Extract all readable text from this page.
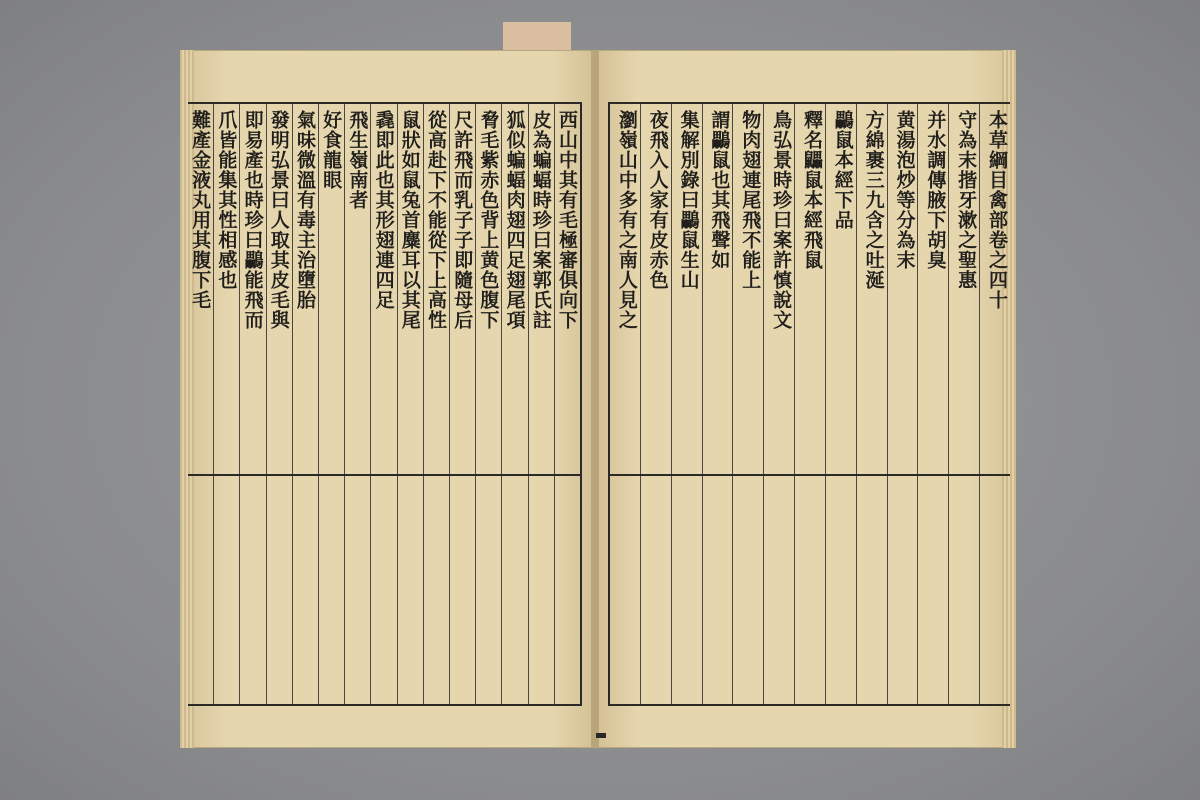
西山中其有毛極審俱向下
皮為蝙蝠時珍曰案郭氏註
狐似蝙蝠肉翅四足翅尾項
脅毛紫赤色背上黄色腹下
尺許飛而乳子子即隨母后
從高赴下不能從下上高性
鼠狀如鼠兔首麋耳以其尾
毳即此也其形翅連四足
飛生嶺南者
好食龍眼
氣味微溫有毒主治墮胎
發明弘景曰人取其皮毛與
即易產也時珍曰鸓能飛而
爪皆能集其性相感也
難產金液丸用其腹下毛	本草綱目禽部卷之四十
守為末揩牙漱之聖惠
并水調傳腋下胡臭
黄湯泡炒等分為末
方綿裹三九含之吐涎
鸓鼠本經下品
釋名鼺鼠本經飛鼠
鳥弘景時珍曰案許慎說文
物肉翅連尾飛不能上
謂鸓鼠也其飛聲如
集解別錄曰鸓鼠生山
夜飛入人家有皮赤色
瀏嶺山中多有之南人見之
